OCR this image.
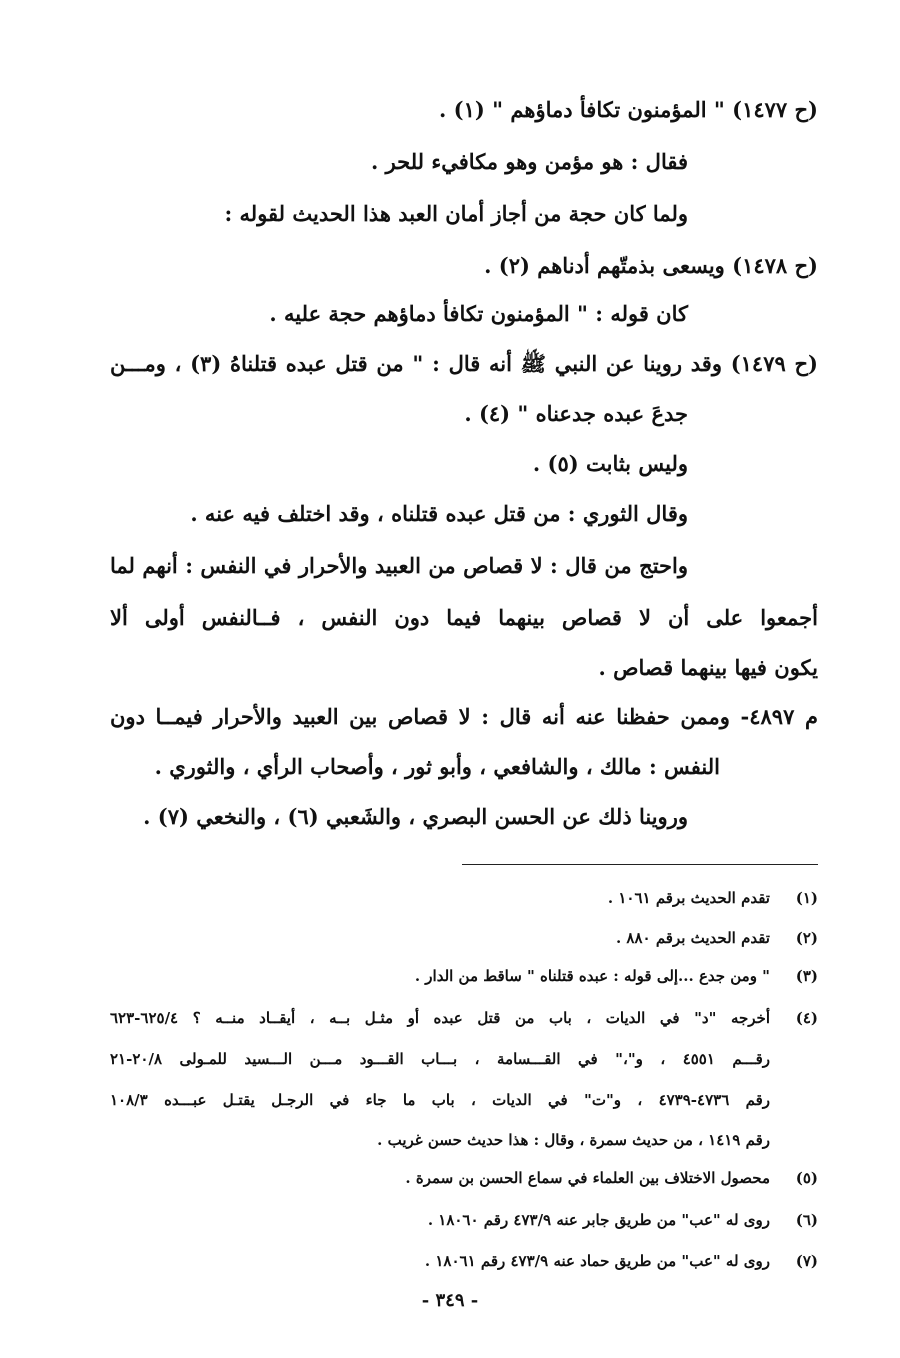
(ح ١٤٧٧) " المؤمنون تكافأ دماؤهم " (١) .
فقال : هو مؤمن وهو مكافيء للحر .
ولما كان حجة من أجاز أمان العبد هذا الحديث لقوله :
(ح ١٤٧٨) ويسعى بذمتّهم أدناهم (٢) .
كان قوله : " المؤمنون تكافأ دماؤهم حجة عليه .
(ح ١٤٧٩) وقد روينا عن النبي ﷺ أنه قال : " من قتل عبده قتلناهُ (٣) ، ومـــن
جدعَ عبده جدعناه " (٤) .
وليس بثابت (٥) .
وقال الثوري : من قتل عبده قتلناه ، وقد اختلف فيه عنه .
واحتج من قال : لا قصاص من العبيد والأحرار في النفس : أنهم لما
أجمعوا على أن لا قصاص بينهما فيما دون النفس ، فــالنفس أولى ألا
يكون فيها بينهما قصاص .
م ٤٨٩٧- وممن حفظنا عنه أنه قال : لا قصاص بين العبيد والأحرار فيمــا دون
النفس : مالك ، والشافعي ، وأبو ثور ، وأصحاب الرأي ، والثوري .
وروينا ذلك عن الحسن البصري ، والشَعبي (٦) ، والنخعي (٧) .
(١)
تقدم الحديث برقم ١٠٦١ .
(٢)
تقدم الحديث برقم ٨٨٠ .
(٣)
" ومن جدع ...إلى قوله : عبده قتلناه " ساقط من الدار .
(٤)
أخرجه "د" في الديات ، باب من قتل عبده أو مثـل بــه ، أيقــاد منــه ؟ ٦٢٥/٤-٦٢٣
رقـــم ٤٥٥١ ، و"،" في القـــسامة ، بـــاب القـــود مـــن الـــسيد للمـولى ٢٠/٨-٢١
رقم ٤٧٣٦-٤٧٣٩ ، و"ت" في الديات ، باب ما جاء في الرجـل يقتـل عبـــده ١٠٨/٣
رقم ١٤١٩ ، من حديث سمرة ، وقال : هذا حديث حسن غريب .
(٥)
محصول الاختلاف بين العلماء في سماع الحسن بن سمرة .
(٦)
روى له "عب" من طريق جابر عنه ٤٧٣/٩ رقم ١٨٠٦٠ .
(٧)
روى له "عب" من طريق حماد عنه ٤٧٣/٩ رقم ١٨٠٦١ .
- ٣٤٩ -
